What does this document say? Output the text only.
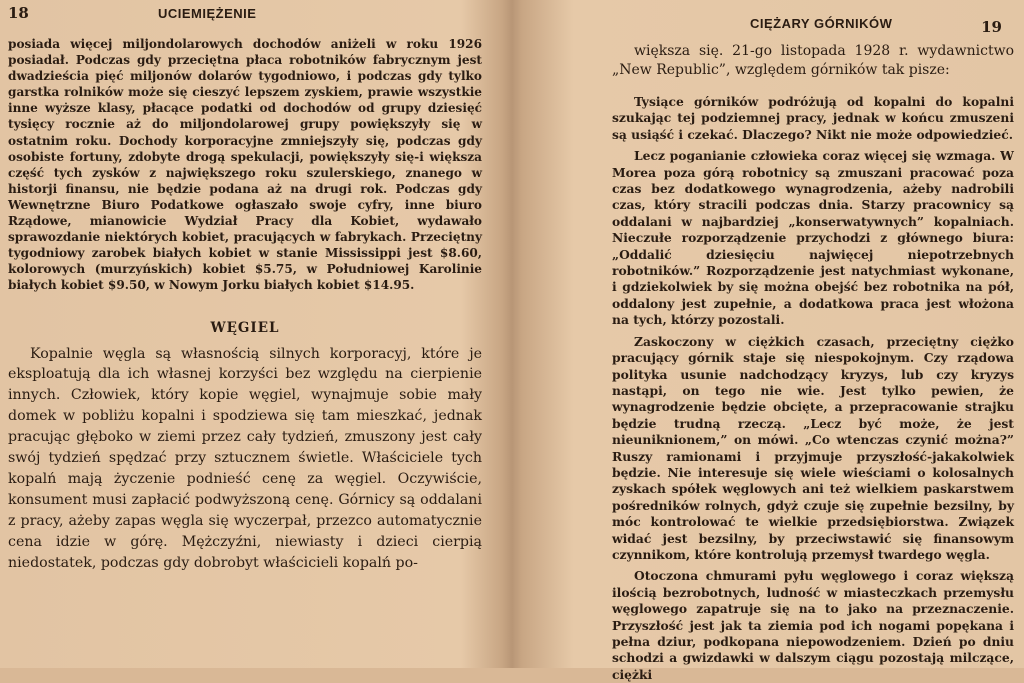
18	UCIEMIĘŻENIE

posiada więcej miljondolarowych dochodów aniżeli w roku 1926 posiadał. Podczas gdy przeciętna płaca robotników fabrycznym jest dwadzieścia pięć miljonów dolarów tygodniowo, i podczas gdy tylko garstka rolników może się cieszyć lepszem zyskiem, prawie wszystkie inne wyższe klasy, płacące podatki od dochodów od grupy dziesięć tysięcy rocznie aż do miljondolarowej grupy powiększyły się w ostatnim roku. Dochody korporacyjne zmniejszyły się, podczas gdy osobiste fortuny, zdobyte drogą spekulacji, powiększyły się-i większa część tych zysków z największego roku szulerskiego, znanego w historji finansu, nie będzie podana aż na drugi rok. Podczas gdy Wewnętrzne Biuro Podatkowe ogłaszało swoje cyfry, inne biuro Rządowe, mianowicie Wydział Pracy dla Kobiet, wydawało sprawozdanie niektórych kobiet, pracujących w fabrykach. Przeciętny tygodniowy zarobek białych kobiet w stanie Mississippi jest $8.60, kolorowych (murzyńskich) kobiet $5.75, w Południowej Karolinie białych kobiet $9.50, w Nowym Jorku białych kobiet $14.95.

WĘGIEL

Kopalnie węgla są własnością silnych korporacyj, które je eksploatują dla ich własnej korzyści bez względu na cierpienie innych. Człowiek, który kopie węgiel, wynajmuje sobie mały domek w pobliżu kopalni i spodziewa się tam mieszkać, jednak pracując głęboko w ziemi przez cały tydzień, zmuszony jest cały swój tydzień spędzać przy sztucznem świetle. Właściciele tych kopalń mają życzenie podnieść cenę za węgiel. Oczywiście, konsument musi zapłacić podwyższoną cenę. Górnicy są oddalani z pracy, ażeby zapas węgla się wyczerpał, przezco automatycznie cena idzie w górę. Mężczyźni, niewiasty i dzieci cierpią niedostatek, podczas gdy dobrobyt właścicieli kopalń po-

CIĘŻARY GÓRNIKÓW	19

większa się. 21-go listopada 1928 r. wydawnictwo „New Republic”, względem górników tak pisze:

Tysiące górników podróżują od kopalni do kopalni szukając tej podziemnej pracy, jednak w końcu zmuszeni są usiąść i czekać. Dlaczego? Nikt nie może odpowiedzieć.

Lecz poganianie człowieka coraz więcej się wzmaga. W Morea poza górą robotnicy są zmuszani pracować poza czas bez dodatkowego wynagrodzenia, ażeby nadrobili czas, który stracili podczas dnia. Starzy pracownicy są oddalani w najbardziej „konserwatywnych” kopalniach. Nieczułe rozporządzenie przychodzi z głównego biura: „Oddalić dziesięciu najwięcej niepotrzebnych robotników.” Rozporządzenie jest natychmiast wykonane, i gdziekolwiek by się można obejść bez robotnika na pół, oddalony jest zupełnie, a dodatkowa praca jest włożona na tych, którzy pozostali.

Zaskoczony w ciężkich czasach, przeciętny ciężko pracujący górnik staje się niespokojnym. Czy rządowa polityka usunie nadchodzący kryzys, lub czy kryzys nastąpi, on tego nie wie. Jest tylko pewien, że wynagrodzenie będzie obcięte, a przepracowanie strajku będzie trudną rzeczą. „Lecz być może, że jest nieuniknionem,” on mówi. „Co wtenczas czynić można?” Ruszy ramionami i przyjmuje przyszłość-jakakolwiek będzie. Nie interesuje się wiele wieściami o kolosalnych zyskach spółek węglowych ani też wielkiem paskarstwem pośredników rolnych, gdyż czuje się zupełnie bezsilny, by móc kontrolować te wielkie przedsiębiorstwa. Związek widać jest bezsilny, by przeciwstawić się finansowym czynnikom, które kontrolują przemysł twardego węgla.

Otoczona chmurami pyłu węglowego i coraz większą ilością bezrobotnych, ludność w miasteczkach przemysłu węglowego zapatruje się na to jako na przeznaczenie. Przyszłość jest jak ta ziemia pod ich nogami popękana i pełna dziur, podkopana niepowodzeniem. Dzień po dniu schodzi a gwizdawki w dalszym ciągu pozostają milczące, ciężki
